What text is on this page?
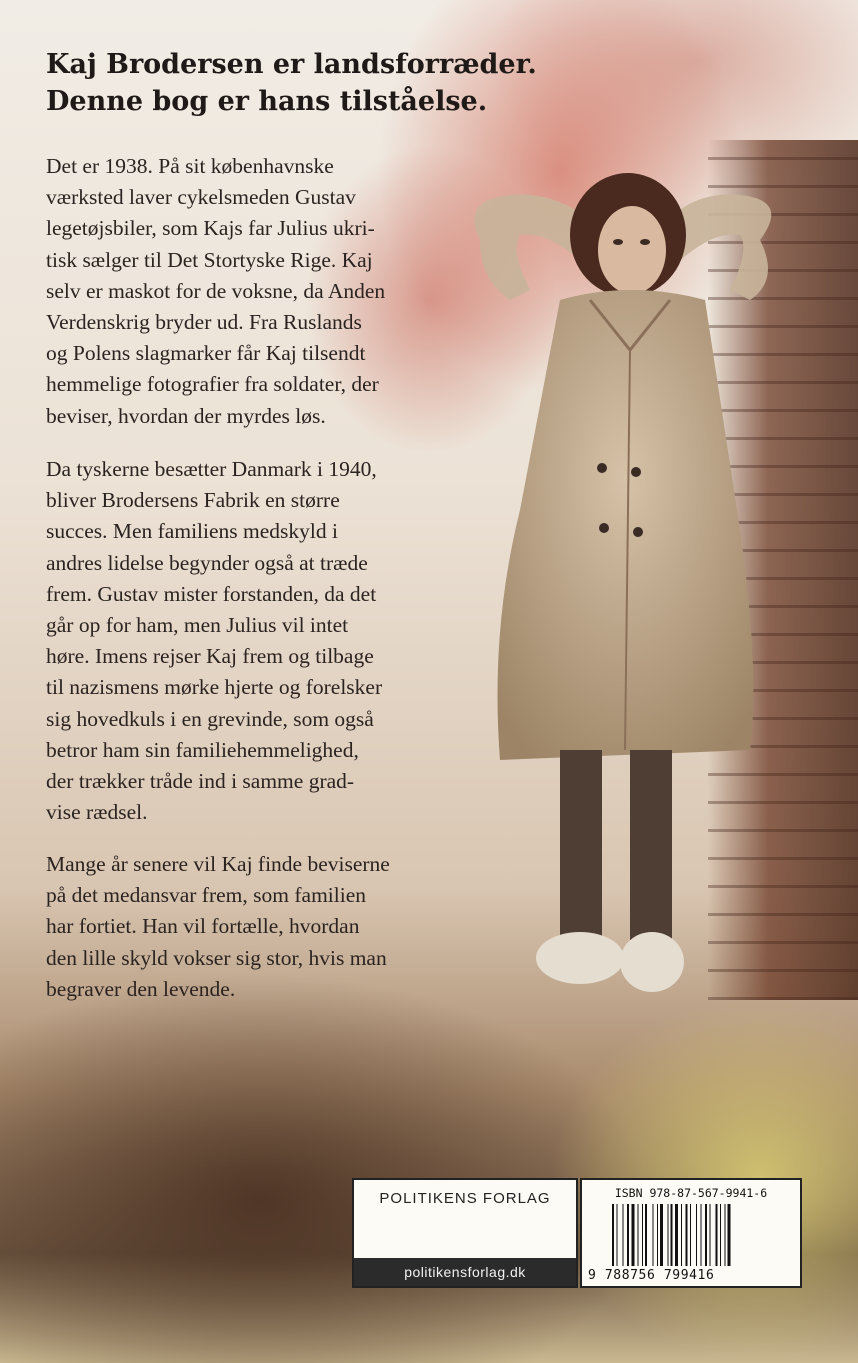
Kaj Brodersen er landsforræder.
Denne bog er hans tilståelse.

Det er 1938. På sit københavnske
værksted laver cykelsmeden Gustav
legetøjsbiler, som Kajs far Julius ukri-
tisk sælger til Det Stortyske Rige. Kaj
selv er maskot for de voksne, da Anden
Verdenskrig bryder ud. Fra Ruslands
og Polens slagmarker får Kaj tilsendt
hemmelige fotografier fra soldater, der
beviser, hvordan der myrdes løs.

Da tyskerne besætter Danmark i 1940,
bliver Brodersens Fabrik en større
succes. Men familiens medskyld i
andres lidelse begynder også at træde
frem. Gustav mister forstanden, da det
går op for ham, men Julius vil intet
høre. Imens rejser Kaj frem og tilbage
til nazismens mørke hjerte og forelsker
sig hovedkuls i en grevinde, som også
betror ham sin familiehemmelighed,
der trækker tråde ind i samme grad-
vise rædsel.

Mange år senere vil Kaj finde beviserne
på det medansvar frem, som familien
har fortiet. Han vil fortælle, hvordan
den lille skyld vokser sig stor, hvis man
begraver den levende.

POLITIKENS FORLAG
politikensforlag.dk
ISBN 978-87-567-9941-6
9 788756 799416
